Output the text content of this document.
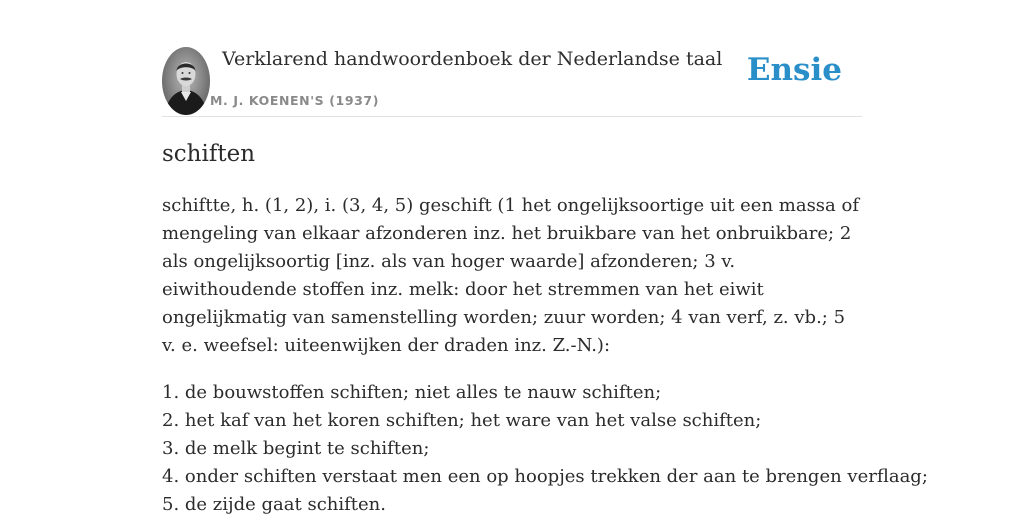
Verklarend handwoordenboek der Nederlandse taal
M. J. KOENEN'S (1937)
Ensie
schiften

schiftte, h. (1, 2), i. (3, 4, 5) geschift (1 het ongelijksoortige uit een massa of mengeling van elkaar afzonderen inz. het bruikbare van het onbruikbare; 2 als ongelijksoortig [inz. als van hoger waarde] afzonderen; 3 v. eiwithoudende stoffen inz. melk: door het stremmen van het eiwit ongelijkmatig van samenstelling worden; zuur worden; 4 van verf, z. vb.; 5 v. e. weefsel: uiteenwijken der draden inz. Z.-N.):

1. de bouwstoffen schiften; niet alles te nauw schiften;
2. het kaf van het koren schiften; het ware van het valse schiften;
3. de melk begint te schiften;
4. onder schiften verstaat men een op hoopjes trekken der aan te brengen verflaag;
5. de zijde gaat schiften.
